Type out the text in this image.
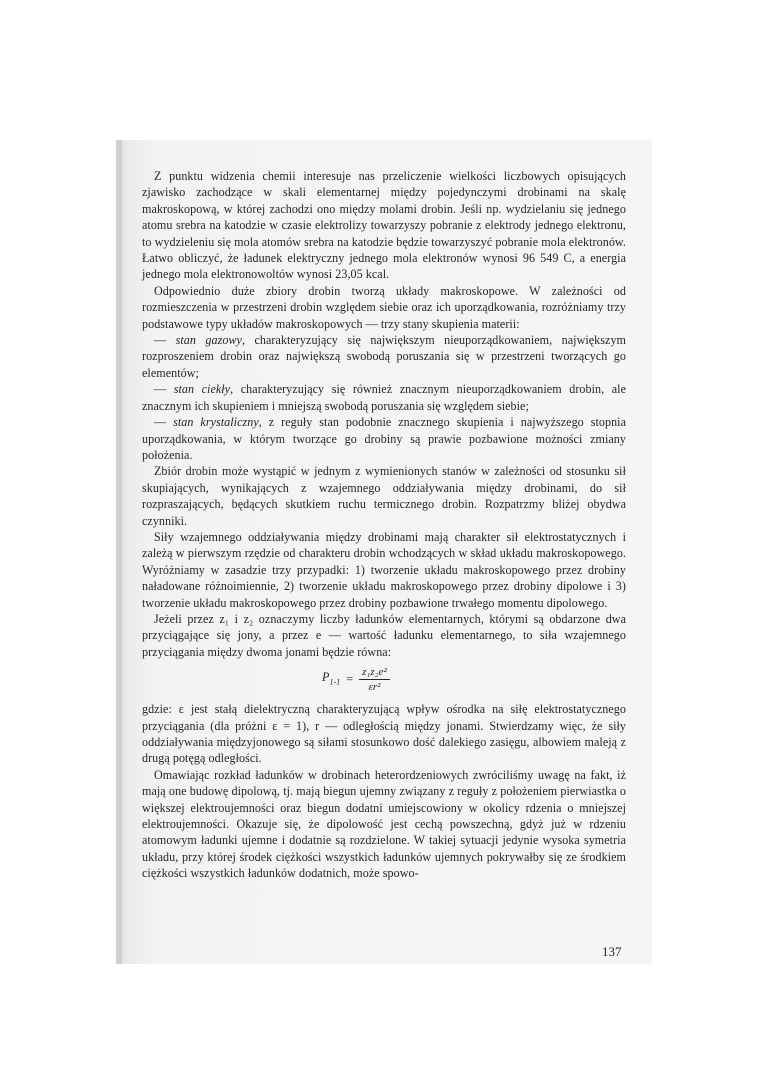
Z punktu widzenia chemii interesuje nas przeliczenie wielkości liczbowych opisujących zjawisko zachodzące w skali elementarnej między pojedynczymi drobinami na skalę makroskopową, w której zachodzi ono między molami drobin. Jeśli np. wydzielaniu się jednego atomu srebra na katodzie w czasie elektrolizy towarzyszy pobranie z elektrody jednego elektronu, to wydzieleniu się mola atomów srebra na katodzie będzie towarzyszyć pobranie mola elektronów. Łatwo obliczyć, że ładunek elektryczny jednego mola elektronów wynosi 96 549 C, a energia jednego mola elektronowoltów wynosi 23,05 kcal.

Odpowiednio duże zbiory drobin tworzą układy makroskopowe. W zależności od rozmieszczenia w przestrzeni drobin względem siebie oraz ich uporządkowania, rozróżniamy trzy podstawowe typy układów makroskopowych — trzy stany skupienia materii:

— stan gazowy, charakteryzujący się największym nieuporządkowaniem, największym rozproszeniem drobin oraz największą swobodą poruszania się w przestrzeni tworzących go elementów;

— stan ciekły, charakteryzujący się również znacznym nieuporządkowaniem drobin, ale znacznym ich skupieniem i mniejszą swobodą poruszania się względem siebie;

— stan krystaliczny, z reguły stan podobnie znacznego skupienia i najwyższego stopnia uporządkowania, w którym tworzące go drobiny są prawie pozbawione możności zmiany położenia.

Zbiór drobin może wystąpić w jednym z wymienionych stanów w zależności od stosunku sił skupiających, wynikających z wzajemnego oddziaływania między drobinami, do sił rozpraszających, będących skutkiem ruchu termicznego drobin. Rozpatrzmy bliżej obydwa czynniki.

Siły wzajemnego oddziaływania między drobinami mają charakter sił elektrostatycznych i zależą w pierwszym rzędzie od charakteru drobin wchodzących w skład układu makroskopowego. Wyróżniamy w zasadzie trzy przypadki: 1) tworzenie układu makroskopowego przez drobiny naładowane różnoimiennie, 2) tworzenie układu makroskopowego przez drobiny dipolowe i 3) tworzenie układu makroskopowego przez drobiny pozbawione trwałego momentu dipolowego.

Jeżeli przez z₁ i z₂ oznaczymy liczby ładunków elementarnych, którymi są obdarzone dwa przyciągające się jony, a przez e — wartość ładunku elementarnego, to siła wzajemnego przyciągania między dwoma jonami będzie równa:

$P_{1-1} = \frac{\text{z₁z₂e²}}{\text{εr²}}$

gdzie: ε jest stałą dielektryczną charakteryzującą wpływ ośrodka na siłę elektrostatycznego przyciągania (dla próżni ε = 1), r — odległością między jonami. Stwierdzamy więc, że siły oddziaływania międzyjonowego są siłami stosunkowo dość dalekiego zasięgu, albowiem maleją z drugą potęgą odległości.

Omawiając rozkład ładunków w drobinach heterordzeniowych zwróciliśmy uwagę na fakt, iż mają one budowę dipolową, tj. mają biegun ujemny związany z reguły z położeniem pierwiastka o większej elektroujemności oraz biegun dodatni umiejscowiony w okolicy rdzenia o mniejszej elektroujemności. Okazuje się, że dipolowość jest cechą powszechną, gdyż już w rdzeniu atomowym ładunki ujemne i dodatnie są rozdzielone. W takiej sytuacji jedynie wysoka symetria układu, przy której środek ciężkości wszystkich ładunków ujemnych pokrywałby się ze środkiem ciężkości wszystkich ładunków dodatnich, może spowo-

137
